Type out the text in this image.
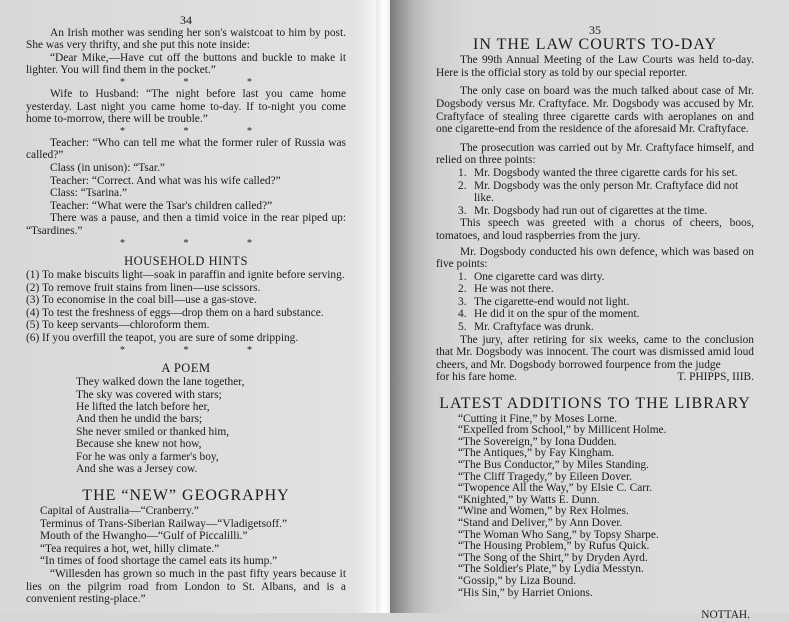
34

An Irish mother was sending her son's waistcoat to him by post. She was very thrifty, and she put this note inside:

“Dear Mike,—Have cut off the buttons and buckle to make it lighter. You will find them in the pocket.”

* * *

Wife to Husband: “The night before last you came home yesterday. Last night you came home to-day. If to-night you come home to-morrow, there will be trouble.”

* * *

Teacher: “Who can tell me what the former ruler of Russia was called?”

Class (in unison): “Tsar.”

Teacher: “Correct. And what was his wife called?”

Class: “Tsarina.”

Teacher: “What were the Tsar's children called?”

There was a pause, and then a timid voice in the rear piped up: “Tsardines.”

* * *
HOUSEHOLD HINTS
(1) To make biscuits light—soak in paraffin and ignite before serving.
(2) To remove fruit stains from linen—use scissors.
(3) To economise in the coal bill—use a gas-stove.
(4) To test the freshness of eggs—drop them on a hard substance.
(5) To keep servants—chloroform them.
(6) If you overfill the teapot, you are sure of some dripping.
* * *
A POEM
They walked down the lane together,
The sky was covered with stars;
He lifted the latch before her,
And then he undid the bars;
She never smiled or thanked him,
Because she knew not how,
For he was only a farmer's boy,
And she was a Jersey cow.
THE “NEW” GEOGRAPHY
Capital of Australia—“Cranberry.”
Terminus of Trans-Siberian Railway—“Vladigetsoff.”
Mouth of the Hwangho—“Gulf of Piccalilli.”
“Tea requires a hot, wet, hilly climate.”
“In times of food shortage the camel eats its hump.”

“Willesden has grown so much in the past fifty years because it lies on the pilgrim road from London to St. Albans, and is a convenient resting-place.”

35
IN THE LAW COURTS TO-DAY

The 99th Annual Meeting of the Law Courts was held to-day. Here is the official story as told by our special reporter.

The only case on board was the much talked about case of Mr. Dogsbody versus Mr. Craftyface. Mr. Dogsbody was accused by Mr. Craftyface of stealing three cigarette cards with aeroplanes on and one cigarette-end from the residence of the aforesaid Mr. Craftyface.

The prosecution was carried out by Mr. Craftyface himself, and relied on three points:

1. Mr. Dogsbody wanted the three cigarette cards for his set.
2. Mr. Dogsbody was the only person Mr. Craftyface did not like.
3. Mr. Dogsbody had run out of cigarettes at the time.

This speech was greeted with a chorus of cheers, boos, tomatoes, and loud raspberries from the jury.

Mr. Dogsbody conducted his own defence, which was based on five points:

1. One cigarette card was dirty.
2. He was not there.
3. The cigarette-end would not light.
4. He did it on the spur of the moment.
5. Mr. Craftyface was drunk.

The jury, after retiring for six weeks, came to the conclusion that Mr. Dogsbody was innocent. The court was dismissed amid loud cheers, and Mr. Dogsbody borrowed fourpence from the judge

for his fare home.	T. PHIPPS, IIIB.
LATEST ADDITIONS TO THE LIBRARY
“Cutting it Fine,” by Moses Lorne.
“Expelled from School,” by Millicent Holme.
“The Sovereign,” by Iona Dudden.
“The Antiques,” by Fay Kingham.
“The Bus Conductor,” by Miles Standing.
“The Cliff Tragedy,” by Eileen Dover.
“Twopence All the Way,” by Elsie C. Carr.
“Knighted,” by Watts E. Dunn.
“Wine and Women,” by Rex Holmes.
“Stand and Deliver,” by Ann Dover.
“The Woman Who Sang,” by Topsy Sharpe.
“The Housing Problem,” by Rufus Quick.
“The Song of the Shirt,” by Dryden Ayrd.
“The Soldier's Plate,” by Lydia Messtyn.
“Gossip,” by Liza Bound.
“His Sin,” by Harriet Onions.
NOTTAH.
